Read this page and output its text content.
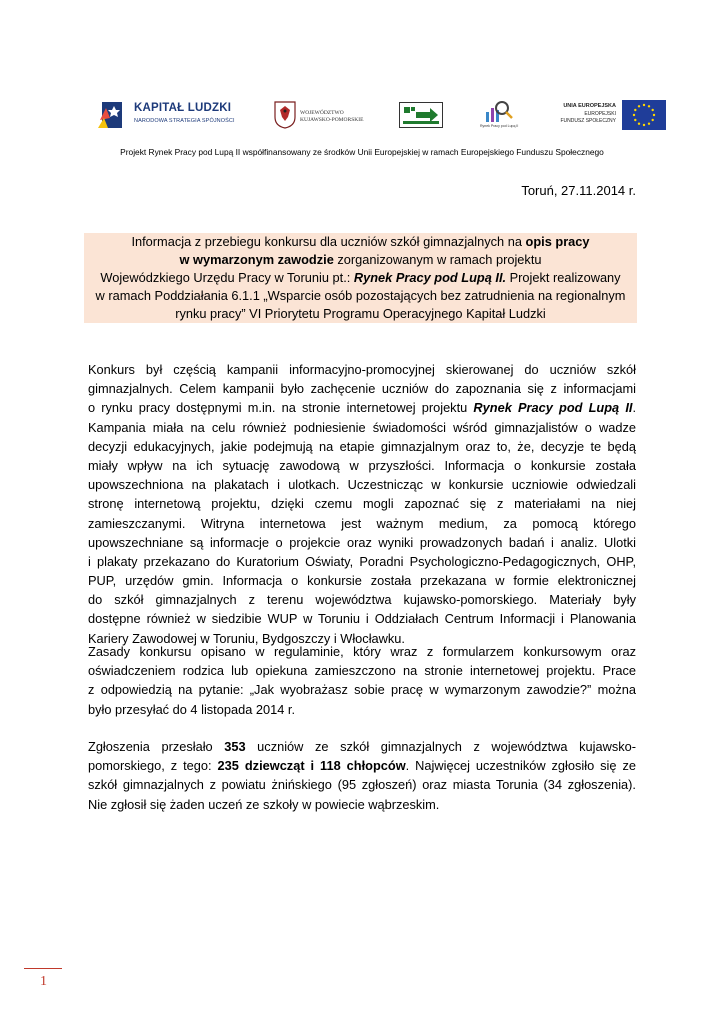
KAPITAŁ LUDZKI
NARODOWA STRATEGIA SPÓJNOŚCI
WOJEWÓDZTWO
KUJAWSKO-POMORSKIE
Rynek Pracy pod Lupą II
UNIA EUROPEJSKA
EUROPEJSKI
FUNDUSZ SPOŁECZNY
Projekt Rynek Pracy pod Lupą II współfinansowany ze środków Unii Europejskiej w ramach Europejskiego Funduszu Społecznego
Toruń, 27.11.2014 r.
Informacja z przebiegu konkursu dla uczniów szkół gimnazjalnych na opis pracy
w wymarzonym zawodzie zorganizowanym w ramach projektu
Wojewódzkiego Urzędu Pracy w Toruniu pt.: Rynek Pracy pod Lupą II. Projekt realizowany
w ramach Poddziałania 6.1.1 „Wsparcie osób pozostających bez zatrudnienia na regionalnym
rynku pracy” VI Priorytetu Programu Operacyjnego Kapitał Ludzki
Konkurs był częścią kampanii informacyjno-promocyjnej skierowanej do uczniów szkół
gimnazjalnych. Celem kampanii było zachęcenie uczniów do zapoznania się z informacjami
o rynku pracy dostępnymi m.in. na stronie internetowej projektu Rynek Pracy pod Lupą II.
Kampania miała na celu również podniesienie świadomości wśród gimnazjalistów o wadze
decyzji edukacyjnych, jakie podejmują na etapie gimnazjalnym oraz to, że, decyzje te będą
miały wpływ na ich sytuację zawodową w przyszłości. Informacja o konkursie została
upowszechniona na plakatach i ulotkach. Uczestnicząc w konkursie uczniowie odwiedzali
stronę internetową projektu, dzięki czemu mogli zapoznać się z materiałami na niej
zamieszczanymi. Witryna internetowa jest ważnym medium, za pomocą którego
upowszechniane są informacje o projekcie oraz wyniki prowadzonych badań i analiz. Ulotki
i plakaty przekazano do Kuratorium Oświaty, Poradni Psychologiczno-Pedagogicznych, OHP,
PUP, urzędów gmin. Informacja o konkursie została przekazana w formie elektronicznej
do szkół gimnazjalnych z terenu województwa kujawsko-pomorskiego. Materiały były
dostępne również w siedzibie WUP w Toruniu i Oddziałach Centrum Informacji i Planowania
Kariery Zawodowej w Toruniu, Bydgoszczy i Włocławku.
Zasady konkursu opisano w regulaminie, który wraz z formularzem konkursowym oraz
oświadczeniem rodzica lub opiekuna zamieszczono na stronie internetowej projektu. Prace
z odpowiedzią na pytanie: „Jak wyobrażasz sobie pracę w wymarzonym zawodzie?” można
było przesyłać do 4 listopada 2014 r.
Zgłoszenia przesłało 353 uczniów ze szkół gimnazjalnych z województwa kujawsko-
pomorskiego, z tego: 235 dziewcząt i 118 chłopców. Najwięcej uczestników zgłosiło się ze
szkół gimnazjalnych z powiatu żnińskiego (95 zgłoszeń) oraz miasta Torunia (34 zgłoszenia).
Nie zgłosił się żaden uczeń ze szkoły w powiecie wąbrzeskim.
1
